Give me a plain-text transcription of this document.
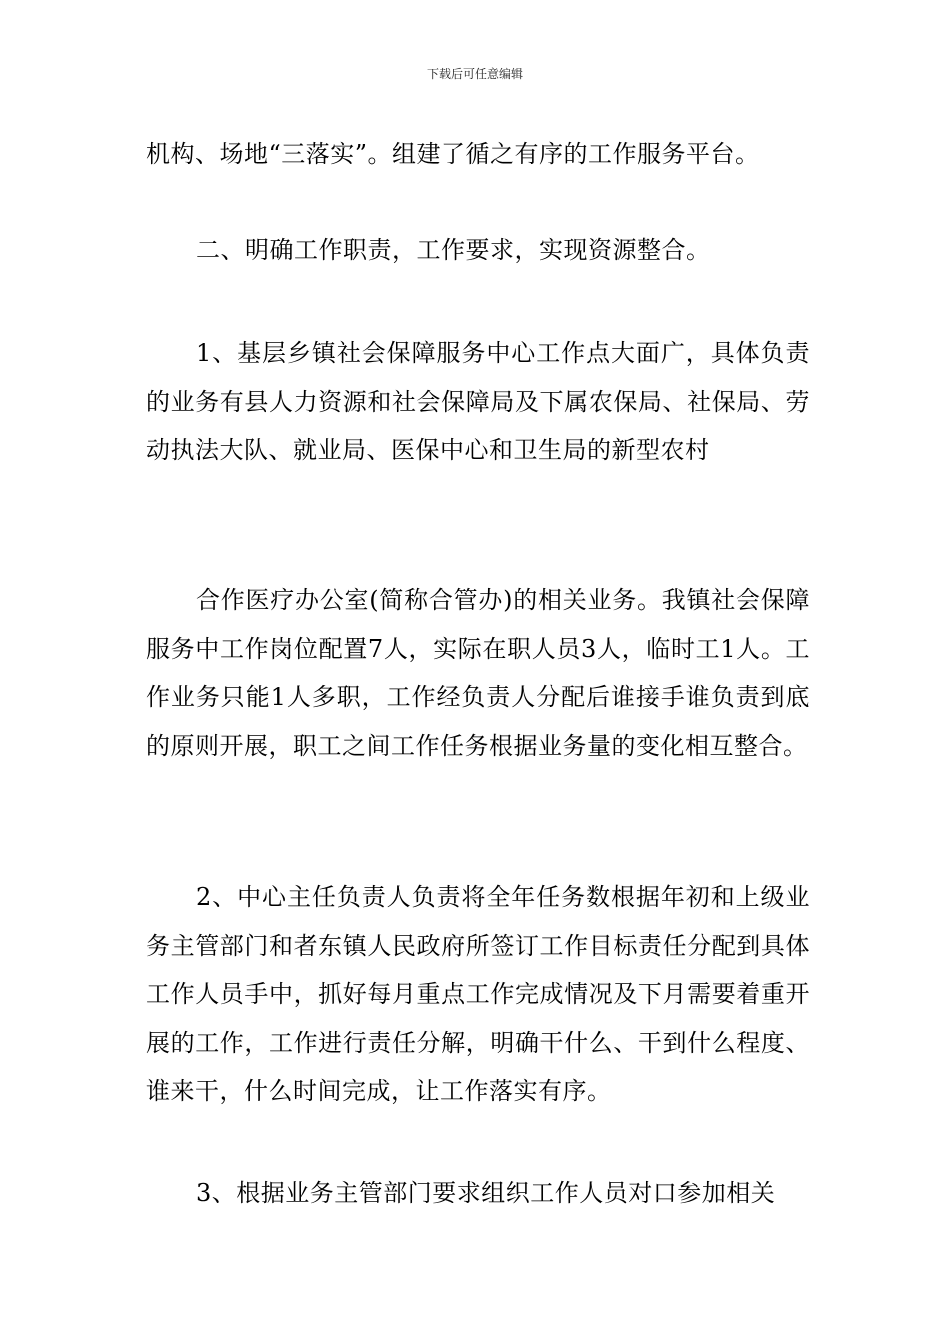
下载后可任意编辑

机构、场地“三落实”。组建了循之有序的工作服务平台。

二、明确工作职责，工作要求，实现资源整合。

1、基层乡镇社会保障服务中心工作点大面广，具体负责的业务有县人力资源和社会保障局及下属农保局、社保局、劳动执法大队、就业局、医保中心和卫生局的新型农村

合作医疗办公室(简称合管办)的相关业务。我镇社会保障服务中工作岗位配置7人，实际在职人员3人，临时工1人。工作业务只能1人多职，工作经负责人分配后谁接手谁负责到底的原则开展，职工之间工作任务根据业务量的变化相互整合。

2、中心主任负责人负责将全年任务数根据年初和上级业务主管部门和者东镇人民政府所签订工作目标责任分配到具体工作人员手中，抓好每月重点工作完成情况及下月需要着重开展的工作，工作进行责任分解，明确干什么、干到什么程度、谁来干，什么时间完成，让工作落实有序。

3、根据业务主管部门要求组织工作人员对口参加相关
